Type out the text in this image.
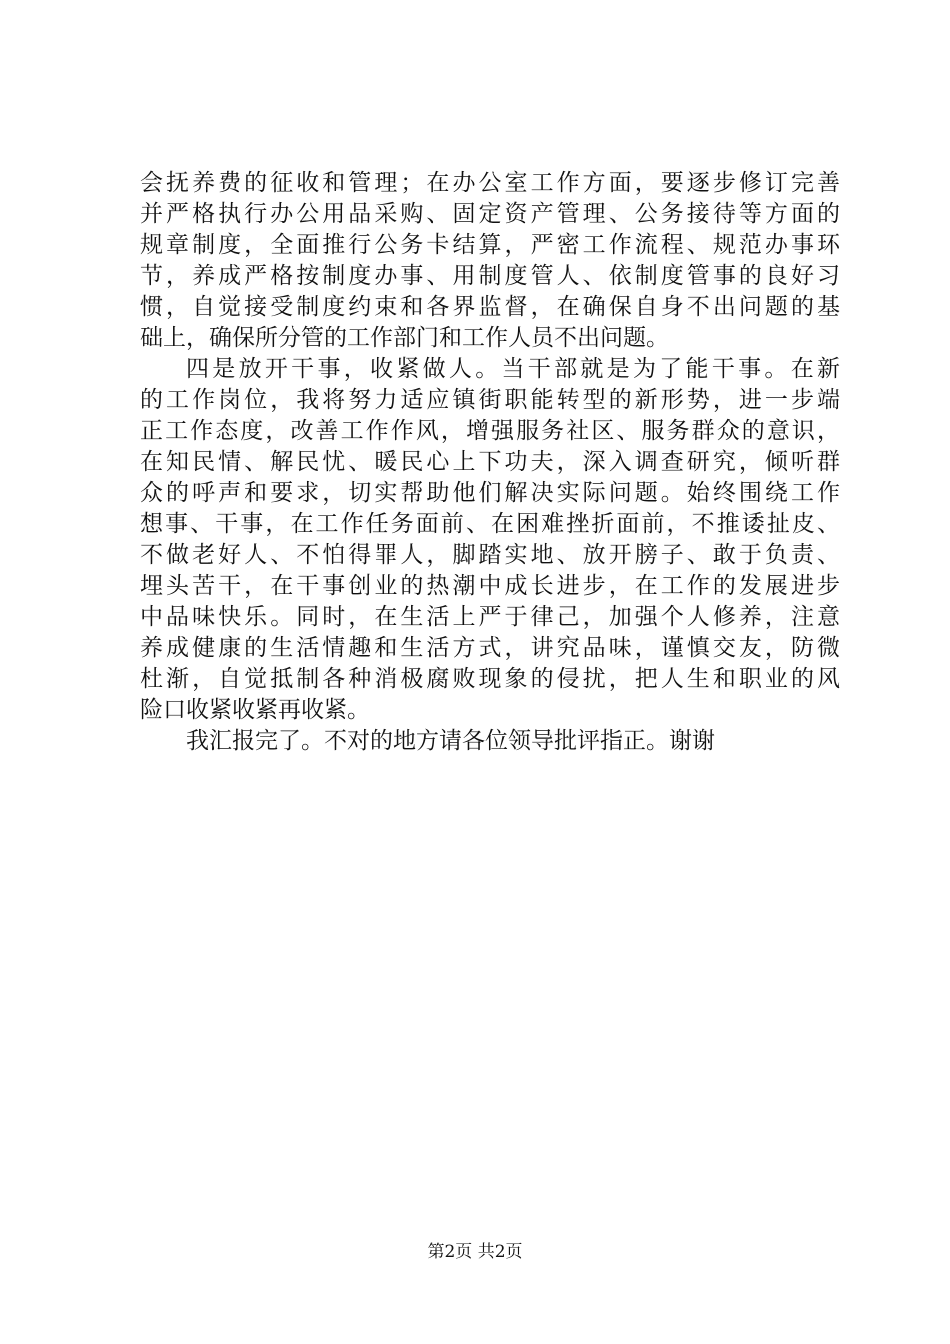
会抚养费的征收和管理；在办公室工作方面，要逐步修订完善
并严格执行办公用品采购、固定资产管理、公务接待等方面的
规章制度，全面推行公务卡结算，严密工作流程、规范办事环
节，养成严格按制度办事、用制度管人、依制度管事的良好习
惯，自觉接受制度约束和各界监督，在确保自身不出问题的基
础上，确保所分管的工作部门和工作人员不出问题。
四是放开干事，收紧做人。当干部就是为了能干事。在新
的工作岗位，我将努力适应镇街职能转型的新形势，进一步端
正工作态度，改善工作作风，增强服务社区、服务群众的意识，
在知民情、解民忧、暖民心上下功夫，深入调查研究，倾听群
众的呼声和要求，切实帮助他们解决实际问题。始终围绕工作
想事、干事，在工作任务面前、在困难挫折面前，不推诿扯皮、
不做老好人、不怕得罪人，脚踏实地、放开膀子、敢于负责、
埋头苦干，在干事创业的热潮中成长进步，在工作的发展进步
中品味快乐。同时，在生活上严于律己，加强个人修养，注意
养成健康的生活情趣和生活方式，讲究品味，谨慎交友，防微
杜渐，自觉抵制各种消极腐败现象的侵扰，把人生和职业的风
险口收紧收紧再收紧。
我汇报完了。不对的地方请各位领导批评指正。谢谢
第2页 共2页
